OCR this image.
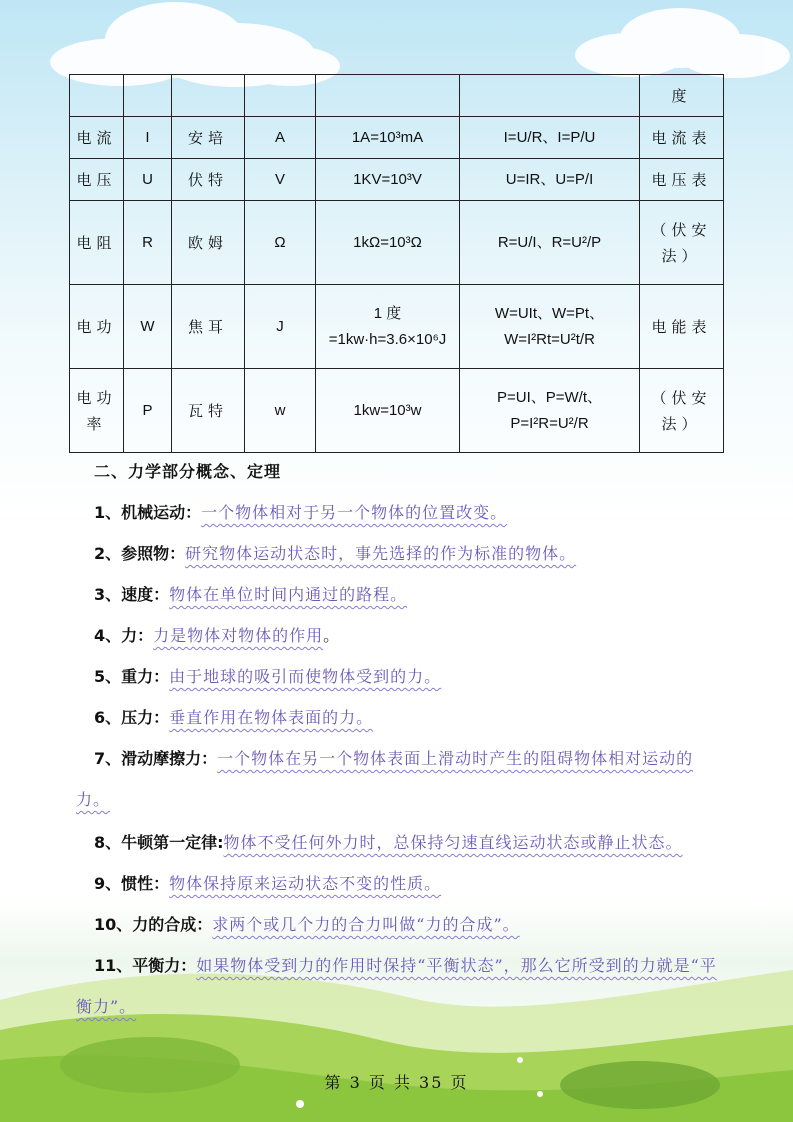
						度
电流	I	安培	A	1A=10³mA	I=U/R、I=P/U	电流表
电压	U	伏特	V	1KV=10³V	U=IR、U=P/I	电压表
电阻	R	欧姆	Ω	1kΩ=10³Ω	R=U/I、R=U²/P	（伏安法）
电功	W	焦耳	J	1 度=1kw·h=3.6×10⁶J	W=UIt、W=Pt、W=I²Rt=U²t/R	电能表
电功率	P	瓦特	w	1kw=10³w	P=UI、P=W/t、P=I²R=U²/R	（伏安法）
二、力学部分概念、定理
1、机械运动：一个物体相对于另一个物体的位置改变。
2、参照物：研究物体运动状态时，事先选择的作为标准的物体。
3、速度：物体在单位时间内通过的路程。
4、力：力是物体对物体的作用。
5、重力：由于地球的吸引而使物体受到的力。
6、压力：垂直作用在物体表面的力。
7、滑动摩擦力：一个物体在另一个物体表面上滑动时产生的阻碍物体相对运动的力。
8、牛顿第一定律:物体不受任何外力时，总保持匀速直线运动状态或静止状态。
9、惯性：物体保持原来运动状态不变的性质。
10、力的合成：求两个或几个力的合力叫做“力的合成”。
11、平衡力：如果物体受到力的作用时保持“平衡状态”，那么它所受到的力就是“平衡力”。
第 3 页 共 35 页
